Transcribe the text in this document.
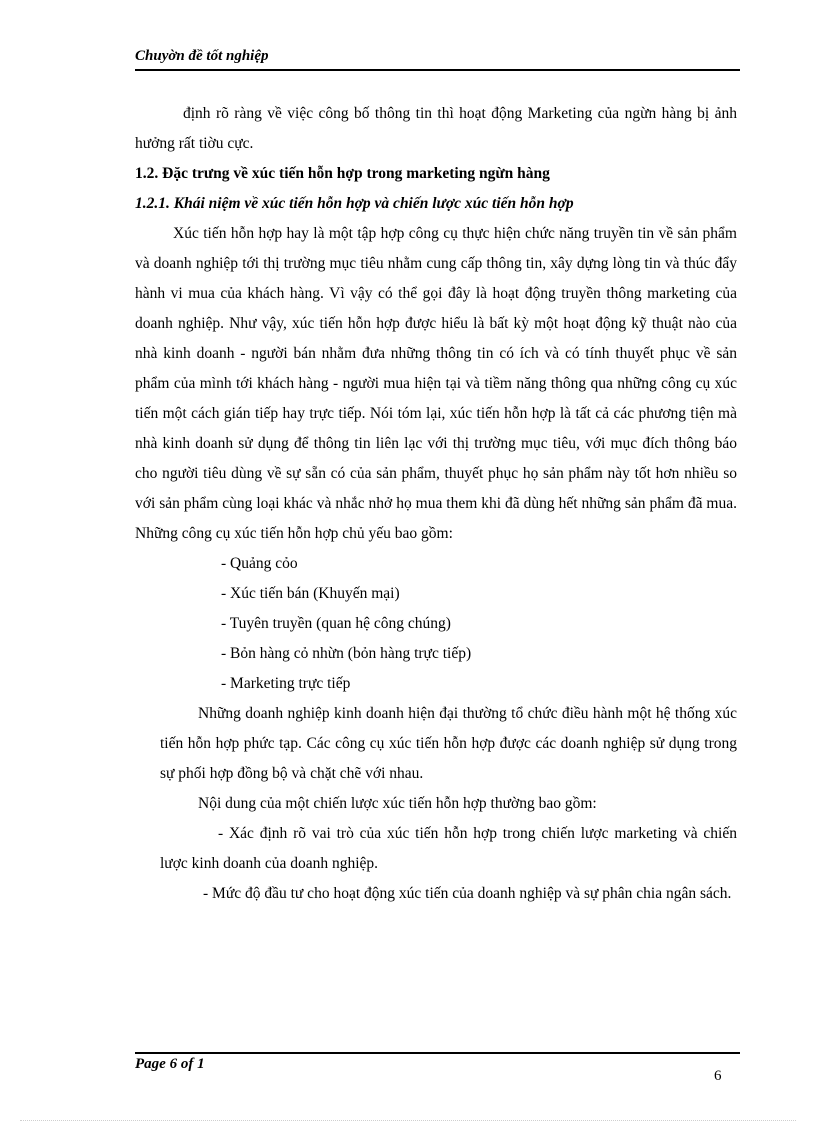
Chuyờn đề tốt nghiệp

định rõ ràng về việc công bố thông tin thì hoạt động Marketing của ngừn hàng bị ảnh hưởng rất tiờu cực.

1.2. Đặc trưng về xúc tiến hỗn hợp trong marketing ngừn hàng

1.2.1. Khái niệm về xúc tiến hỗn hợp và chiến lược xúc tiến hỗn hợp

Xúc tiến hỗn hợp hay là một tập hợp công cụ thực hiện chức năng truyền tin về sản phẩm và doanh nghiệp tới thị trường mục tiêu nhằm cung cấp thông tin, xây dựng lòng tin và thúc đẩy hành vi mua của khách hàng. Vì vậy có thể gọi đây là hoạt động truyền thông marketing của doanh nghiệp. Như vậy, xúc tiến hỗn hợp được hiểu là bất kỳ một hoạt động kỹ thuật nào của nhà kinh doanh - người bán nhằm đưa những thông tin có ích và có tính thuyết phục về sản phẩm của mình tới khách hàng - người mua hiện tại và tiềm năng thông qua những công cụ xúc tiến một cách gián tiếp hay trực tiếp. Nói tóm lại, xúc tiến hỗn hợp là tất cả các phương tiện mà nhà kinh doanh sử dụng để thông tin liên lạc với thị trường mục tiêu, với mục đích thông báo cho người tiêu dùng về sự sẵn có của sản phẩm, thuyết phục họ sản phẩm này tốt hơn nhiều so với sản phẩm cùng loại khác và nhắc nhở họ mua them khi đã dùng hết những sản phẩm đã mua. Những công cụ xúc tiến hỗn hợp chủ yếu bao gồm:

- Quảng cỏo

- Xúc tiến bán (Khuyến mại)

- Tuyên truyền (quan hệ công chúng)

- Bỏn hàng cỏ nhừn (bỏn hàng trực tiếp)

- Marketing trực tiếp

Những doanh nghiệp kinh doanh hiện đại thường tổ chức điều hành một hệ thống xúc tiến hỗn hợp phức tạp. Các công cụ xúc tiến hỗn hợp được các doanh nghiệp sử dụng trong sự phối hợp đồng bộ và chặt chẽ với nhau.

Nội dung của một chiến lược xúc tiến hỗn hợp thường bao gồm:

- Xác định rõ vai trò của xúc tiến hỗn hợp trong chiến lược marketing và chiến lược kinh doanh của doanh nghiệp.

- Mức độ đầu tư cho hoạt động xúc tiến của doanh nghiệp và sự phân chia ngân sách.

Page 6 of 1
6
